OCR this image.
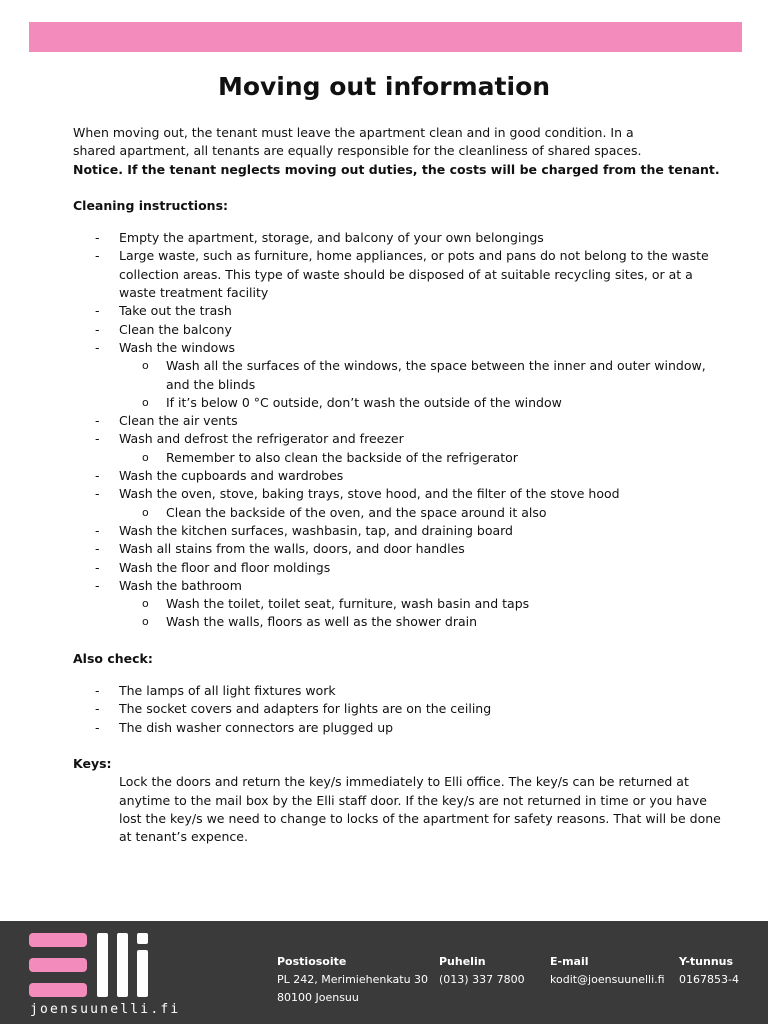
Moving out information

When moving out, the tenant must leave the apartment clean and in good condition. In a

shared apartment, all tenants are equally responsible for the cleanliness of shared spaces.

Notice. If the tenant neglects moving out duties, the costs will be charged from the tenant.

Cleaning instructions:

- Empty the apartment, storage, and balcony of your own belongings
- Large waste, such as furniture, home appliances, or pots and pans do not belong to the waste collection areas. This type of waste should be disposed of at suitable recycling sites, or at a waste treatment facility
- Take out the trash
- Clean the balcony
- Wash the windows
o Wash all the surfaces of the windows, the space between the inner and outer window, and the blinds
o If it’s below 0 °C outside, don’t wash the outside of the window
- Clean the air vents
- Wash and defrost the refrigerator and freezer
o Remember to also clean the backside of the refrigerator
- Wash the cupboards and wardrobes
- Wash the oven, stove, baking trays, stove hood, and the filter of the stove hood
o Clean the backside of the oven, and the space around it also
- Wash the kitchen surfaces, washbasin, tap, and draining board
- Wash all stains from the walls, doors, and door handles
- Wash the floor and floor moldings
- Wash the bathroom
o Wash the toilet, toilet seat, furniture, wash basin and taps
o Wash the walls, floors as well as the shower drain

Also check:

- The lamps of all light fixtures work
- The socket covers and adapters for lights are on the ceiling
- The dish washer connectors are plugged up

Keys:

Lock the doors and return the key/s immediately to Elli office. The key/s can be returned at anytime to the mail box by the Elli staff door. If the key/s are not returned in time or you have lost the key/s we need to change to locks of the apartment for safety reasons. That will be done at tenant’s expence.

joensuunelli.fi
Postiosoite
PL 242, Merimiehenkatu 30
80100 Joensuu
Puhelin
(013) 337 7800
E-mail
kodit@joensuunelli.fi
Y-tunnus
0167853-4
